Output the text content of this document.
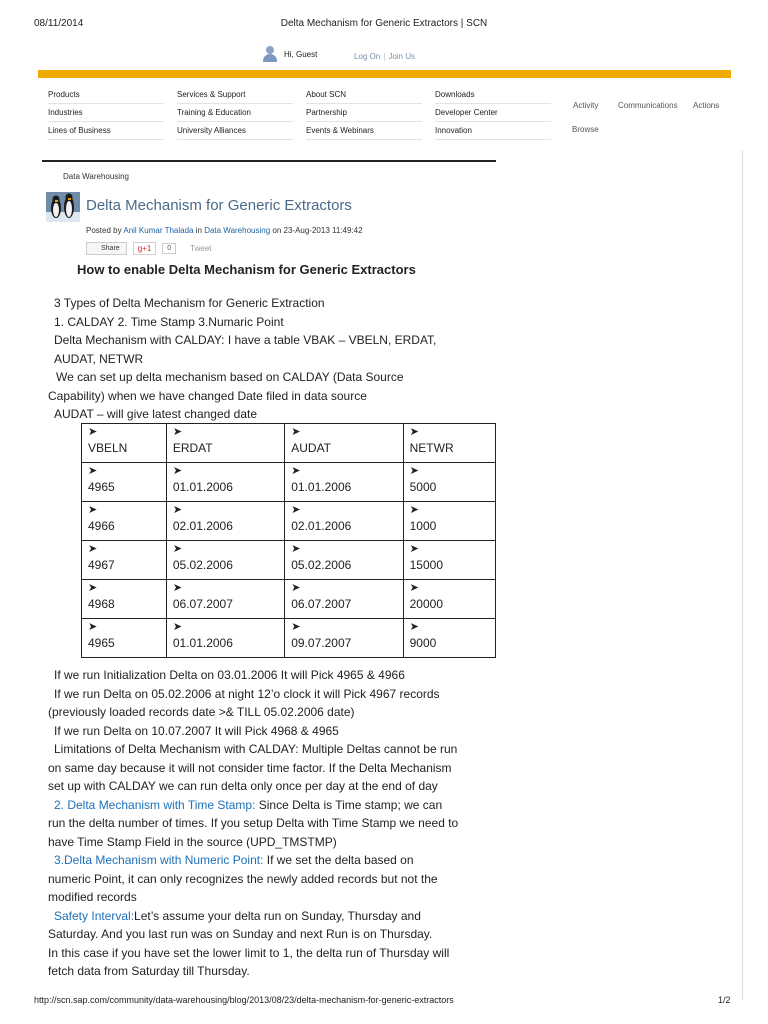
08/11/2014	Delta Mechanism for Generic Extractors | SCN
Hi, Guest	Log On | Join Us
Products
Industries
Lines of Business
Services & Support
Training & Education
University Alliances
About SCN
Partnership
Events & Webinars
Downloads
Developer Center
Innovation
Activity Communications Actions
Browse
Data Warehousing
Delta Mechanism for Generic Extractors
Posted by Anil Kumar Thalada in Data Warehousing on 23-Aug-2013 11:49:42
Share	g+1	0	Tweet
How to enable Delta Mechanism for Generic Extractors
3 Types of Delta Mechanism for Generic Extraction
1. CALDAY 2. Time Stamp 3.Numaric Point
Delta Mechanism with CALDAY: I have a table VBAK – VBELN, ERDAT,
AUDAT, NETWR
We can set up delta mechanism based on CALDAY (Data Source
Capability) when we have changed Date filed in data source
AUDAT – will give latest changed date
➤
VBELN	➤
ERDAT	➤
AUDAT	➤
NETWR

➤
4965	➤
01.01.2006	➤
01.01.2006	➤
5000

➤
4966	➤
02.01.2006	➤
02.01.2006	➤
1000

➤
4967	➤
05.02.2006	➤
05.02.2006	➤
15000

➤
4968	➤
06.07.2007	➤
06.07.2007	➤
20000

➤
4965	➤
01.01.2006	➤
09.07.2007	➤
9000
If we run Initialization Delta on 03.01.2006 It will Pick 4965 & 4966
If we run Delta on 05.02.2006 at night 12’o clock it will Pick 4967 records
(previously loaded records date >& TILL 05.02.2006 date)
If we run Delta on 10.07.2007 It will Pick 4968 & 4965
Limitations of Delta Mechanism with CALDAY: Multiple Deltas cannot be run
on same day because it will not consider time factor. If the Delta Mechanism
set up with CALDAY we can run delta only once per day at the end of day
2. Delta Mechanism with Time Stamp: Since Delta is Time stamp; we can
run the delta number of times. If you setup Delta with Time Stamp we need to
have Time Stamp Field in the source (UPD_TMSTMP)
3.Delta Mechanism with Numeric Point: If we set the delta based on
numeric Point, it can only recognizes the newly added records but not the
modified records
Safety Interval:Let’s assume your delta run on Sunday, Thursday and
Saturday. And you last run was on Sunday and next Run is on Thursday.
In this case if you have set the lower limit to 1, the delta run of Thursday will
fetch data from Saturday till Thursday.
http://scn.sap.com/community/data-warehousing/blog/2013/08/23/delta-mechanism-for-generic-extractors	1/2
